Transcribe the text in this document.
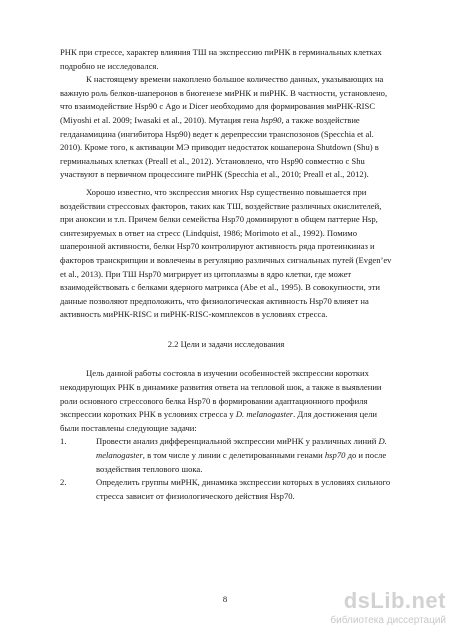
РНК при стрессе, характер влияния ТШ на экспрессию пиРНК в герминальных клетках
подробно не исследовался.
К настоящему времени накоплено большое количество данных, указывающих на
важную роль белков-шаперонов в биогенезе миРНК и пиРНК. В частности, установлено,
что взаимодействие Hsp90 с Ago и Dicer необходимо для формирования миРНК-RISC
(Miyoshi et al. 2009; Iwasaki et al., 2010). Мутация гена hsp90, а также воздействие
гелданамицина (ингибитора Hsp90) ведет к дерепрессии транспозонов (Specchia et al.
2010). Кроме того, к активации МЭ приводит недостаток кошаперона Shutdown (Shu) в
герминальных клетках (Preall et al., 2012). Установлено, что Hsp90 совместно с Shu
участвуют в первичном процессинге пиРНК (Specchia et al., 2010; Preall et al., 2012).
Хорошо известно, что экспрессия многих Hsp существенно повышается при
воздействии стрессовых факторов, таких как ТШ, воздействие различных окислителей,
при аноксии и т.п. Причем белки семейства Hsp70 доминируют в общем паттерне Hsp,
синтезируемых в ответ на стресс (Lindquist, 1986; Morimoto et al., 1992). Помимо
шаперонной активности, белки Hsp70 контролируют активность ряда протеинкиназ и
факторов транскрипции и вовлечены в регуляцию различных сигнальных путей (Evgen’ev
et al., 2013). При ТШ Hsp70 мигрирует из цитоплазмы в ядро клетки, где может
взаимодействовать с белками ядерного матрикса (Abe et al., 1995). В совокупности, эти
данные позволяют предположить, что физиологическая активность Hsp70 влияет на
активность миРНК-RISC и пиРНК-RISC-комплексов в условиях стресса.
2.2 Цели и задачи исследования
Цель данной работы состояла в изучении особенностей экспрессии коротких
некодирующих РНК в динамике развития ответа на тепловой шок, а также в выявлении
роли основного стрессового белка Hsp70 в формировании адаптационного профиля
экспрессии коротких РНК в условиях стресса у D. melanogaster. Для достижения цели
были поставлены следующие задачи:
1.	Провести анализ дифференциальной экспрессии миРНК у различных линий D.
melanogaster, в том числе у линии с делетированными генами hsp70 до и после
воздействия теплового шока.
2.	Определить группы миРНК, динамика экспрессии которых в условиях сильного
стресса зависит от физиологического действия Hsp70.
8	dsLib.net
библиотека диссертаций
